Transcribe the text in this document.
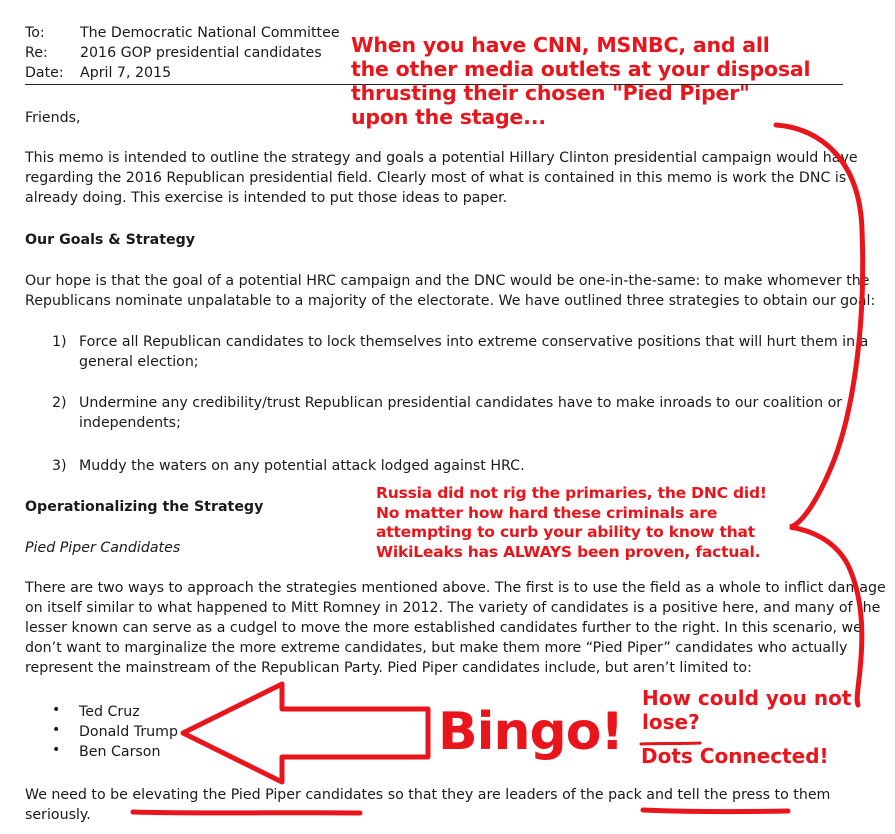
To: The Democratic National Committee
Re: 2016 GOP presidential candidates
Date: April 7, 2015
Friends,
This memo is intended to outline the strategy and goals a potential Hillary Clinton presidential campaign would have
regarding the 2016 Republican presidential field. Clearly most of what is contained in this memo is work the DNC is
already doing. This exercise is intended to put those ideas to paper.
Our Goals & Strategy
Our hope is that the goal of a potential HRC campaign and the DNC would be one-in-the-same: to make whomever the
Republicans nominate unpalatable to a majority of the electorate. We have outlined three strategies to obtain our goal:
1) Force all Republican candidates to lock themselves into extreme conservative positions that will hurt them in a
general election;
2) Undermine any credibility/trust Republican presidential candidates have to make inroads to our coalition or
independents;
3) Muddy the waters on any potential attack lodged against HRC.
Operationalizing the Strategy
Pied Piper Candidates
There are two ways to approach the strategies mentioned above. The first is to use the field as a whole to inflict damage
on itself similar to what happened to Mitt Romney in 2012. The variety of candidates is a positive here, and many of the
lesser known can serve as a cudgel to move the more established candidates further to the right. In this scenario, we
don’t want to marginalize the more extreme candidates, but make them more “Pied Piper” candidates who actually
represent the mainstream of the Republican Party. Pied Piper candidates include, but aren’t limited to:
• Ted Cruz
• Donald Trump
• Ben Carson
We need to be elevating the Pied Piper candidates so that they are leaders of the pack and tell the press to them
seriously.
When you have CNN, MSNBC, and all
the other media outlets at your disposal
thrusting their chosen "Pied Piper"
upon the stage...
Russia did not rig the primaries, the DNC did!
No matter how hard these criminals are
attempting to curb your ability to know that
WikiLeaks has ALWAYS been proven, factual.
How could you not
lose?
Dots Connected!
Bingo!
